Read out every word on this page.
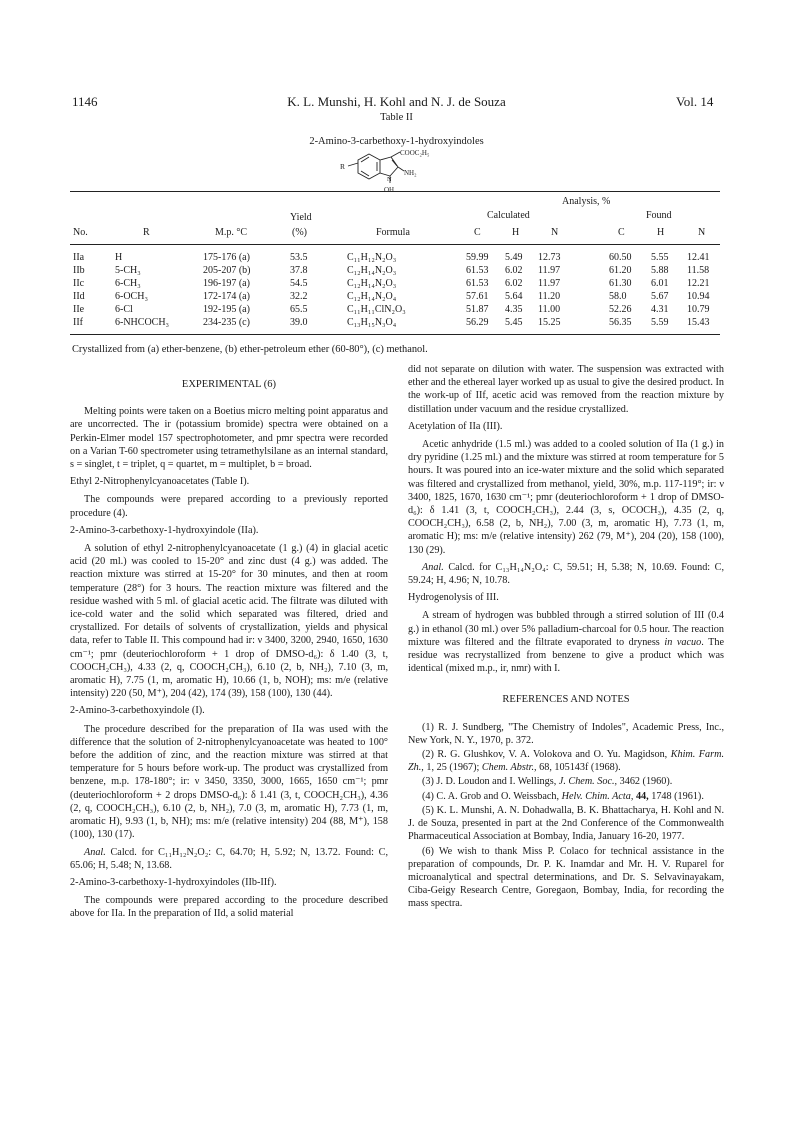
1146	K. L. Munshi, H. Kohl and N. J. de Souza	Vol. 14
Table II
2-Amino-3-carbethoxy-1-hydroxyindoles
R
COOC₂H₅
NH₂
N
OH
Analysis, %
Calculated	Found
Yield
No.	R	M.p. °C	(%)	Formula	C	H	N	C	H	N
IIa	H	175-176 (a)	53.5	C₁₁H₁₂N₂O₃	59.99 5.49 12.73	60.50 5.55 12.41
IIb	5-CH₃	205-207 (b)	37.8	C₁₂H₁₄N₂O₃	61.53 6.02 11.97	61.20 5.88 11.58
IIc	6-CH₃	196-197 (a)	54.5	C₁₂H₁₄N₂O₃	61.53 6.02 11.97	61.30 6.01 12.21
IId	6-OCH₃	172-174 (a)	32.2	C₁₂H₁₄N₂O₄	57.61 5.64 11.20	58.0 5.67 10.94
IIe	6-Cl	192-195 (a)	65.5	C₁₁H₁₁ClN₂O₃	51.87 4.35 11.00	52.26 4.31 10.79
IIf	6-NHCOCH₃	234-235 (c)	39.0	C₁₃H₁₅N₃O₄	56.29 5.45 15.25	56.35 5.59 15.43
Crystallized from (a) ether-benzene, (b) ether-petroleum ether (60-80°), (c) methanol.
EXPERIMENTAL (6)

Melting points were taken on a Boetius micro melting point apparatus and are uncorrected. The ir (potassium bromide) spectra were obtained on a Perkin-Elmer model 157 spectrophotometer, and pmr spectra were recorded on a Varian T-60 spectrometer using tetramethylsilane as an internal standard, s = singlet, t = triplet, q = quartet, m = multiplet, b = broad.

Ethyl 2-Nitrophenylcyanoacetates (Table I).

The compounds were prepared according to a previously reported procedure (4).

2-Amino-3-carbethoxy-1-hydroxyindole (IIa).

A solution of ethyl 2-nitrophenylcyanoacetate (1 g.) (4) in glacial acetic acid (20 ml.) was cooled to 15-20° and zinc dust (4 g.) was added. The reaction mixture was stirred at 15-20° for 30 minutes, and then at room temperature (28°) for 3 hours. The reaction mixture was filtered and the residue washed with 5 ml. of glacial acetic acid. The filtrate was diluted with ice-cold water and the solid which separated was filtered, dried and crystallized. For details of solvents of crystallization, yields and physical data, refer to Table II. This compound had ir: ν 3400, 3200, 2940, 1650, 1630 cm⁻¹; pmr (deuteriochloroform + 1 drop of DMSO-d₆): δ 1.40 (3, t, COOCH₂CH₃), 4.33 (2, q, COOCH₂CH₃), 6.10 (2, b, NH₂), 7.10 (3, m, aromatic H), 7.75 (1, m, aromatic H), 10.66 (1, b, NOH); ms: m/e (relative intensity) 220 (50, M⁺), 204 (42), 174 (39), 158 (100), 130 (44).

2-Amino-3-carbethoxyindole (I).

The procedure described for the preparation of IIa was used with the difference that the solution of 2-nitrophenylcyanoacetate was heated to 100° before the addition of zinc, and the reaction mixture was stirred at that temperature for 5 hours before work-up. The product was crystallized from benzene, m.p. 178-180°; ir: ν 3450, 3350, 3000, 1665, 1650 cm⁻¹; pmr (deuteriochloroform + 2 drops DMSO-d₆): δ 1.41 (3, t, COOCH₂CH₃), 4.36 (2, q, COOCH₂CH₃), 6.10 (2, b, NH₂), 7.0 (3, m, aromatic H), 7.73 (1, m, aromatic H), 9.93 (1, b, NH); ms: m/e (relative intensity) 204 (88, M⁺), 158 (100), 130 (17).

Anal. Calcd. for C₁₁H₁₂N₂O₂: C, 64.70; H, 5.92; N, 13.72. Found: C, 65.06; H, 5.48; N, 13.68.

2-Amino-3-carbethoxy-1-hydroxyindoles (IIb-IIf).

The compounds were prepared according to the procedure described above for IIa. In the preparation of IId, a solid material

did not separate on dilution with water. The suspension was extracted with ether and the ethereal layer worked up as usual to give the desired product. In the work-up of IIf, acetic acid was removed from the reaction mixture by distillation under vacuum and the residue crystallized.

Acetylation of IIa (III).

Acetic anhydride (1.5 ml.) was added to a cooled solution of IIa (1 g.) in dry pyridine (1.25 ml.) and the mixture was stirred at room temperature for 5 hours. It was poured into an ice-water mixture and the solid which separated was filtered and crystallized from methanol, yield, 30%, m.p. 117-119°; ir: ν 3400, 1825, 1670, 1630 cm⁻¹; pmr (deuteriochloroform + 1 drop of DMSO-d₆): δ 1.41 (3, t, COOCH₂CH₃), 2.44 (3, s, OCOCH₃), 4.35 (2, q, COOCH₂CH₃), 6.58 (2, b, NH₂), 7.00 (3, m, aromatic H), 7.73 (1, m, aromatic H); ms: m/e (relative intensity) 262 (79, M⁺), 204 (20), 158 (100), 130 (29).

Anal. Calcd. for C₁₃H₁₄N₂O₄: C, 59.51; H, 5.38; N, 10.69. Found: C, 59.24; H, 4.96; N, 10.78.

Hydrogenolysis of III.

A stream of hydrogen was bubbled through a stirred solution of III (0.4 g.) in ethanol (30 ml.) over 5% palladium-charcoal for 0.5 hour. The reaction mixture was filtered and the filtrate evaporated to dryness in vacuo. The residue was recrystallized from benzene to give a product which was identical (mixed m.p., ir, nmr) with I.

REFERENCES AND NOTES

(1) R. J. Sundberg, "The Chemistry of Indoles", Academic Press, Inc., New York, N. Y., 1970, p. 372.

(2) R. G. Glushkov, V. A. Volokova and O. Yu. Magidson, Khim. Farm. Zh., 1, 25 (1967); Chem. Abstr., 68, 105143f (1968).

(3) J. D. Loudon and I. Wellings, J. Chem. Soc., 3462 (1960).

(4) C. A. Grob and O. Weissbach, Helv. Chim. Acta, 44, 1748 (1961).

(5) K. L. Munshi, A. N. Dohadwalla, B. K. Bhattacharya, H. Kohl and N. J. de Souza, presented in part at the 2nd Conference of the Commonwealth Pharmaceutical Association at Bombay, India, January 16-20, 1977.

(6) We wish to thank Miss P. Colaco for technical assistance in the preparation of compounds, Dr. P. K. Inamdar and Mr. H. V. Ruparel for microanalytical and spectral determinations, and Dr. S. Selvavinayakam, Ciba-Geigy Research Centre, Goregaon, Bombay, India, for recording the mass spectra.
